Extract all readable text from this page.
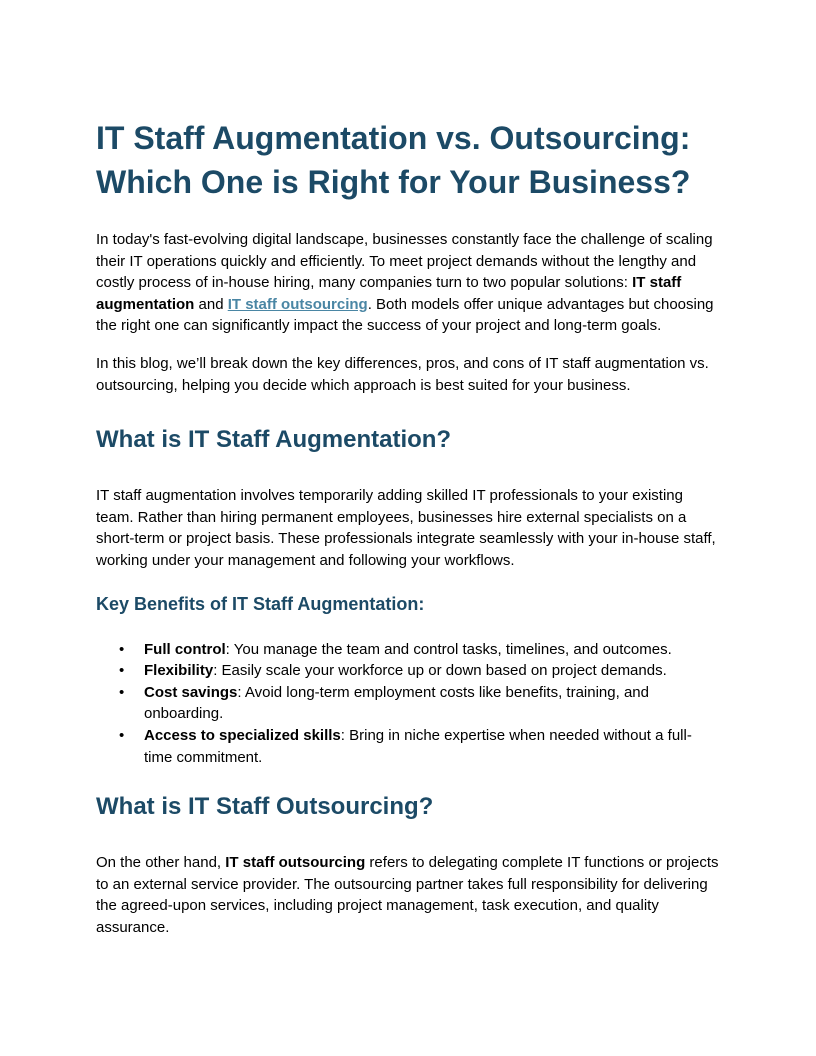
IT Staff Augmentation vs. Outsourcing:
Which One is Right for Your Business?

In today's fast-evolving digital landscape, businesses constantly face the challenge of scaling their IT operations quickly and efficiently. To meet project demands without the lengthy and costly process of in-house hiring, many companies turn to two popular solutions: IT staff augmentation and IT staff outsourcing. Both models offer unique advantages but choosing the right one can significantly impact the success of your project and long-term goals.

In this blog, we’ll break down the key differences, pros, and cons of IT staff augmentation vs. outsourcing, helping you decide which approach is best suited for your business.

What is IT Staff Augmentation?

IT staff augmentation involves temporarily adding skilled IT professionals to your existing team. Rather than hiring permanent employees, businesses hire external specialists on a short-term or project basis. These professionals integrate seamlessly with your in-house staff, working under your management and following your workflows.

Key Benefits of IT Staff Augmentation:
• Full control: You manage the team and control tasks, timelines, and outcomes.
• Flexibility: Easily scale your workforce up or down based on project demands.
• Cost savings: Avoid long-term employment costs like benefits, training, and onboarding.
• Access to specialized skills: Bring in niche expertise when needed without a full-time commitment.
What is IT Staff Outsourcing?

On the other hand, IT staff outsourcing refers to delegating complete IT functions or projects to an external service provider. The outsourcing partner takes full responsibility for delivering the agreed-upon services, including project management, task execution, and quality assurance.
